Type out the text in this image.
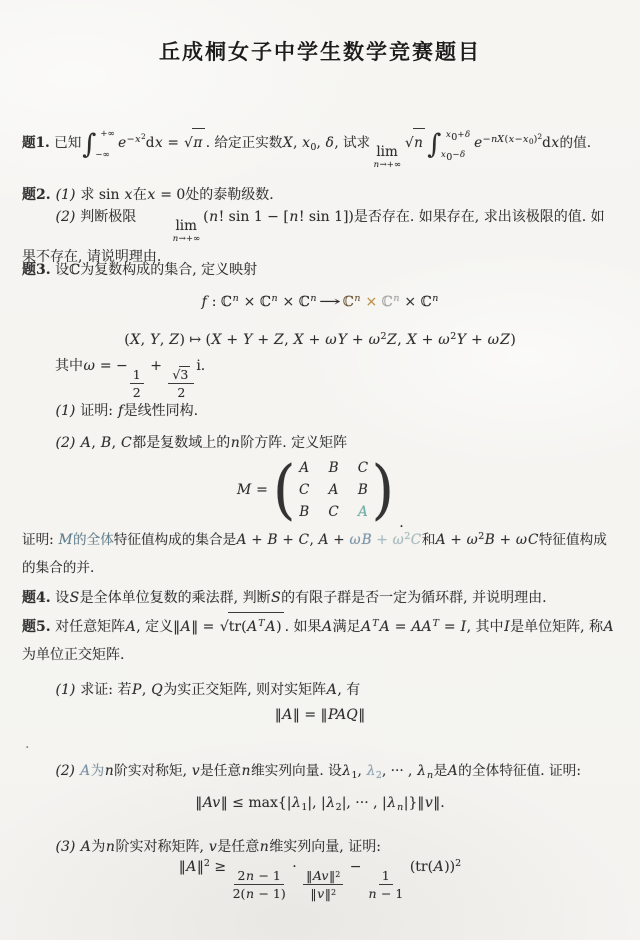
丘成桐女子中学生数学竞赛题目
题1. 已知 ∫ +∞
−∞
e−x2dx = √ π . 给定正实数X, x0, δ, 试求
lim
n→+∞
√ n ∫ x0+δ
x0−δ
e−nX(x−x0)2dx的值.
题2. (1) 求 sin x在x = 0处的泰勒级数.
(2) 判断极限
lim
n→+∞
(n! sin 1 − [n! sin 1])是否存在. 如果存在, 求出该极限的值. 如果不存在, 请说明理由.
题3. 设ℂ为复数构成的集合, 定义映射
f : ℂn × ℂn × ℂn → ℂn × ℂn × ℂn
(X, Y, Z) ↦ (X + Y + Z, X + ωY + ω2Z, X + ω2Y + ωZ)
其中ω = −
$\frac{1}{2}$
+ $\frac{√ 3}{2} i$.
(1) 证明: f是线性同构.
(2) A, B, C都是复数域上的n阶方阵. 定义矩阵
M = ( A B C
C A B
B C A ) .
证明: M的全体特征值构成的集合是A + B + C, A + ωB + ω2C和A + ω2B + ωC特征值构成的集合的并.
题4. 设S是全体单位复数的乘法群, 判断S的有限子群是否一定为循环群, 并说明理由.
题5. 对任意矩阵A, 定义‖A‖ = √ tr(ATA) . 如果A满足ATA = AAT = I, 其中I是单位矩阵, 称A为单位正交矩阵.
(1) 求证: 若P, Q为实正交矩阵, 则对实矩阵A, 有
‖A‖ = ‖PAQ‖
.
(2) A为n阶实对称矩, v是任意n维实列向量. 设λ1, λ2, ··· , λn是A的全体特征值. 证明:
‖Av‖ ≤ max{|λ1|, |λ2|, ··· , |λn|}‖v‖.
(3) A为n阶实对称矩阵, v是任意n维实列向量, 证明:
‖A‖2 ≥
$\frac{2n - 1}{2(n - 1)}$
·
$\frac{‖Av‖2}{‖v‖2}$
−
$\frac{1}{n - 1}$
(tr(A))2
